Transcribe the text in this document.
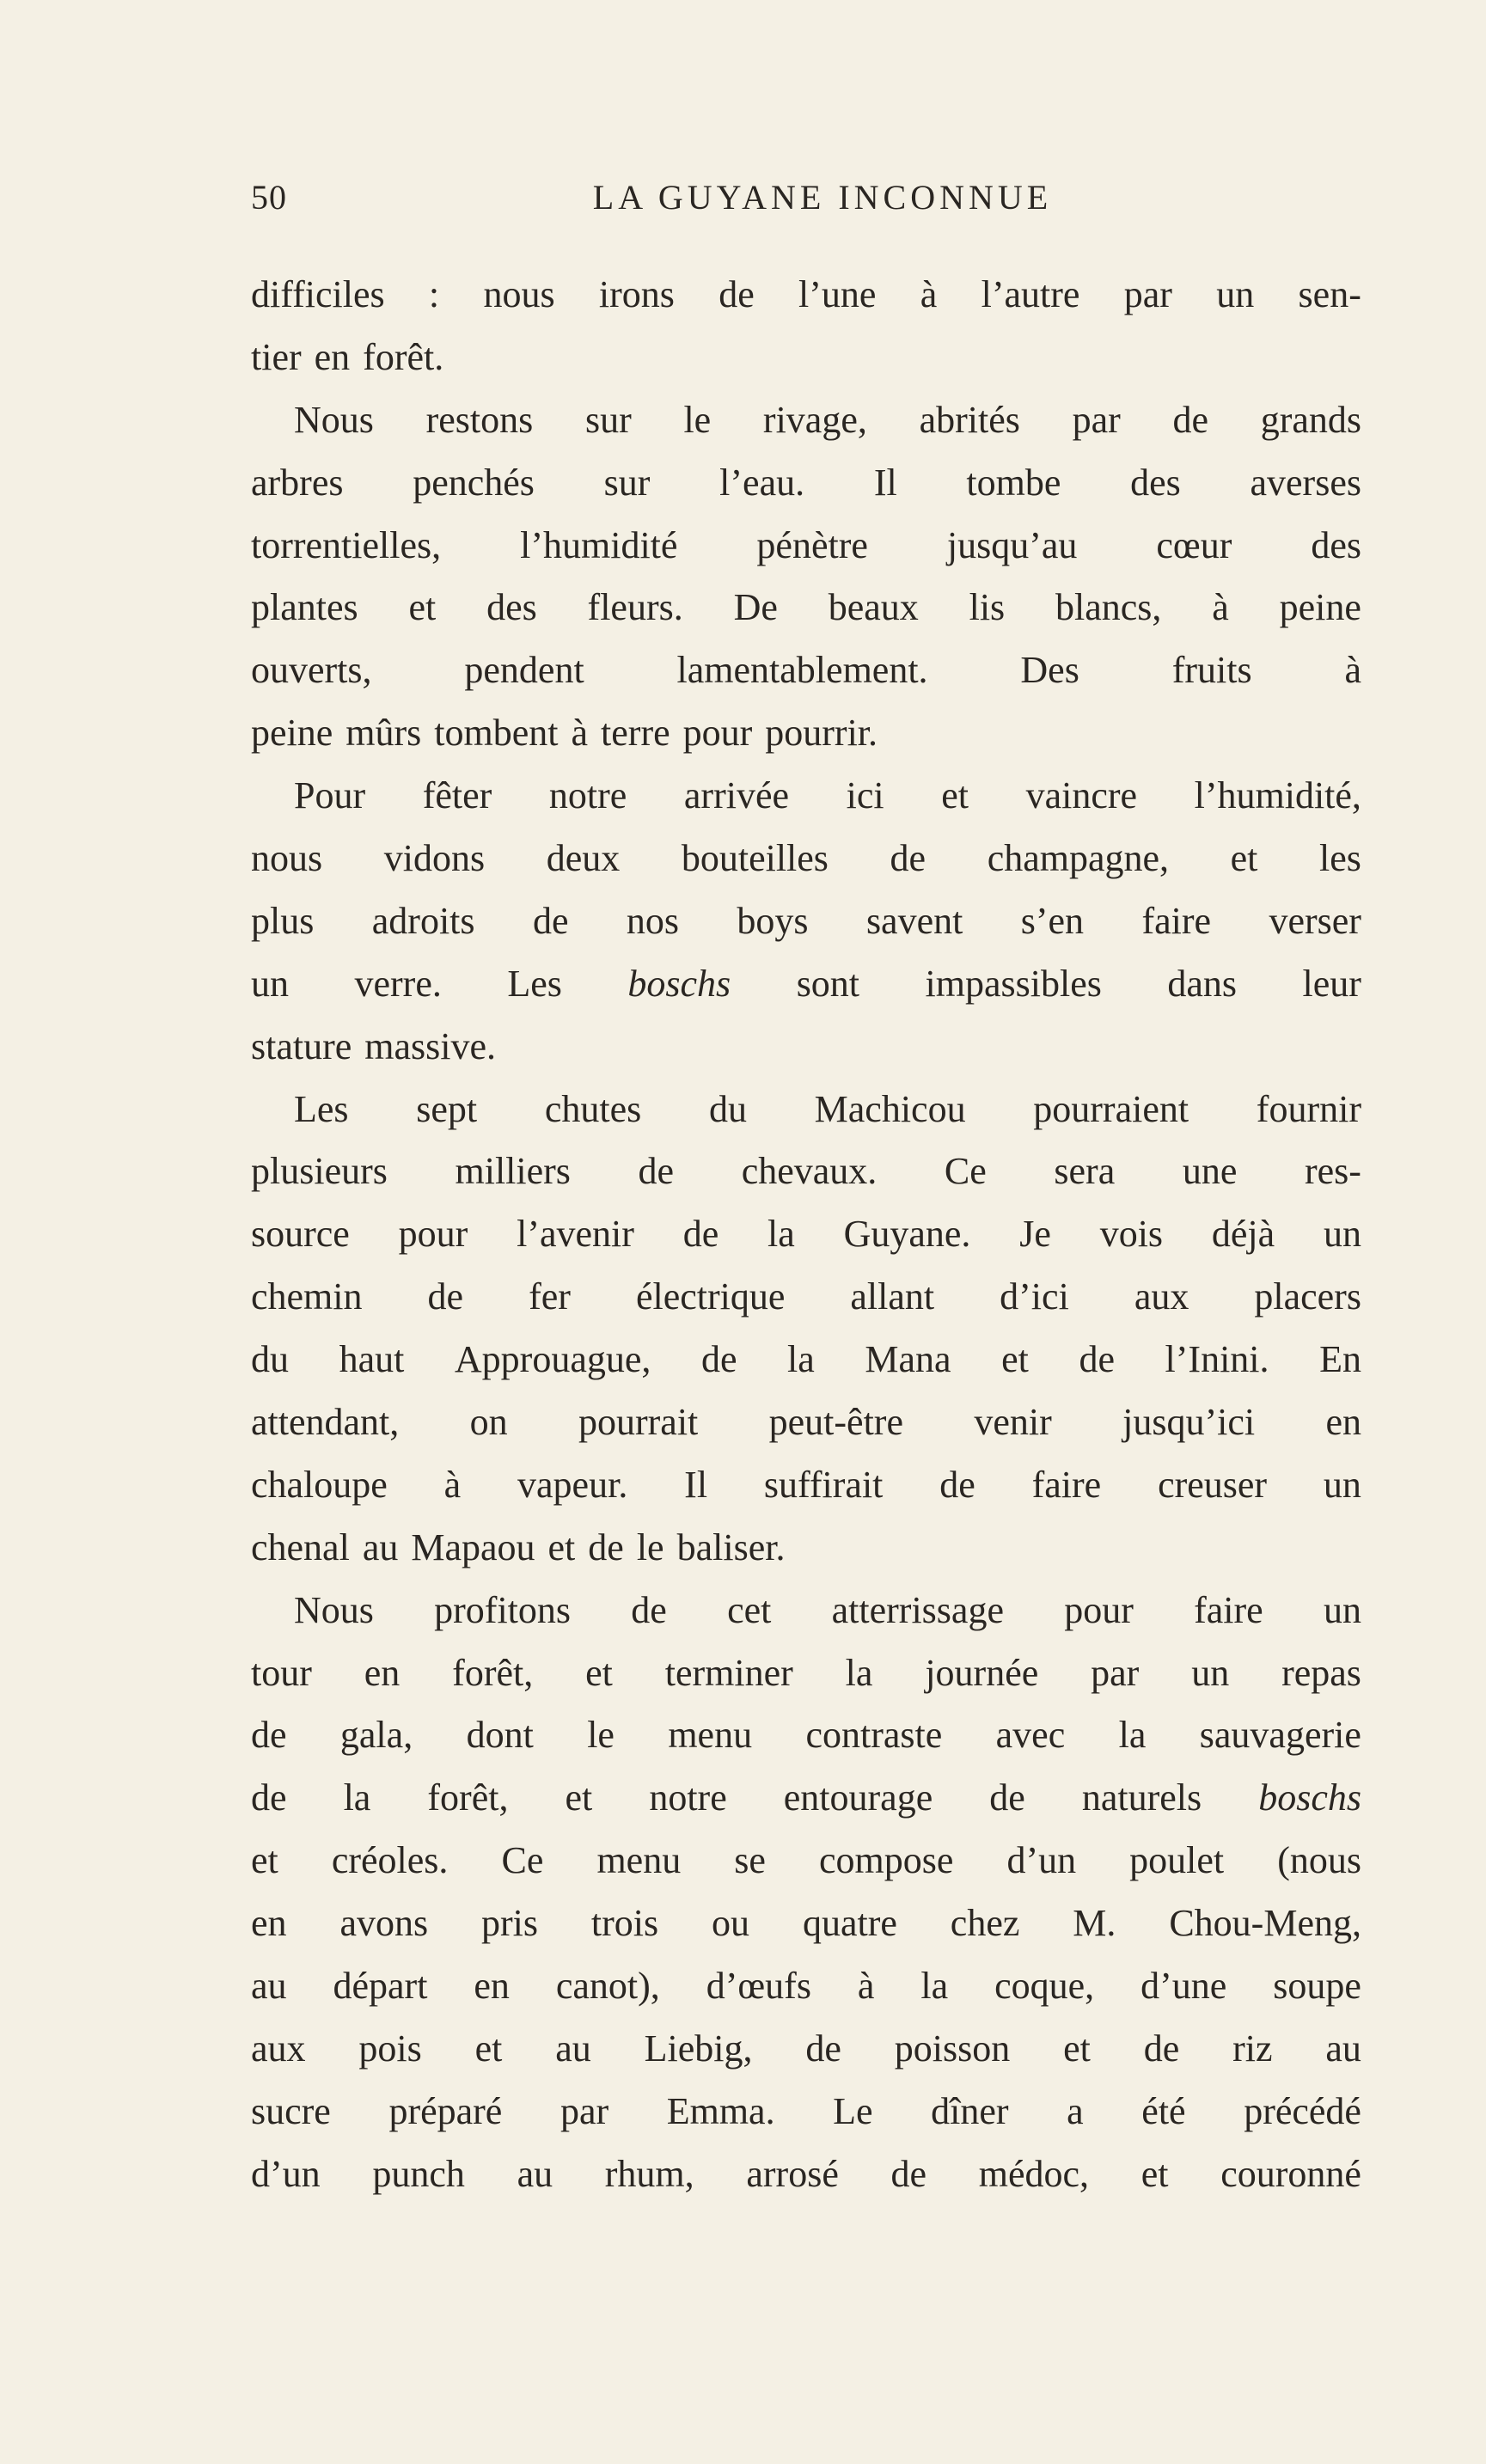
50	LA GUYANE INCONNUE
difficiles : nous irons de l’une à l’autre par un sen-
tier en forêt.
Nous restons sur le rivage, abrités par de grands
arbres penchés sur l’eau. Il tombe des averses
torrentielles, l’humidité pénètre jusqu’au cœur des
plantes et des fleurs. De beaux lis blancs, à peine
ouverts, pendent lamentablement. Des fruits à
peine mûrs tombent à terre pour pourrir.
Pour fêter notre arrivée ici et vaincre l’humidité,
nous vidons deux bouteilles de champagne, et les
plus adroits de nos boys savent s’en faire verser
un verre. Les boschs sont impassibles dans leur
stature massive.
Les sept chutes du Machicou pourraient fournir
plusieurs milliers de chevaux. Ce sera une res-
source pour l’avenir de la Guyane. Je vois déjà un
chemin de fer électrique allant d’ici aux placers
du haut Approuague, de la Mana et de l’Inini. En
attendant, on pourrait peut-être venir jusqu’ici en
chaloupe à vapeur. Il suffirait de faire creuser un
chenal au Mapaou et de le baliser.
Nous profitons de cet atterrissage pour faire un
tour en forêt, et terminer la journée par un repas
de gala, dont le menu contraste avec la sauvagerie
de la forêt, et notre entourage de naturels boschs
et créoles. Ce menu se compose d’un poulet (nous
en avons pris trois ou quatre chez M. Chou-Meng,
au départ en canot), d’œufs à la coque, d’une soupe
aux pois et au Liebig, de poisson et de riz au
sucre préparé par Emma. Le dîner a été précédé
d’un punch au rhum, arrosé de médoc, et couronné
